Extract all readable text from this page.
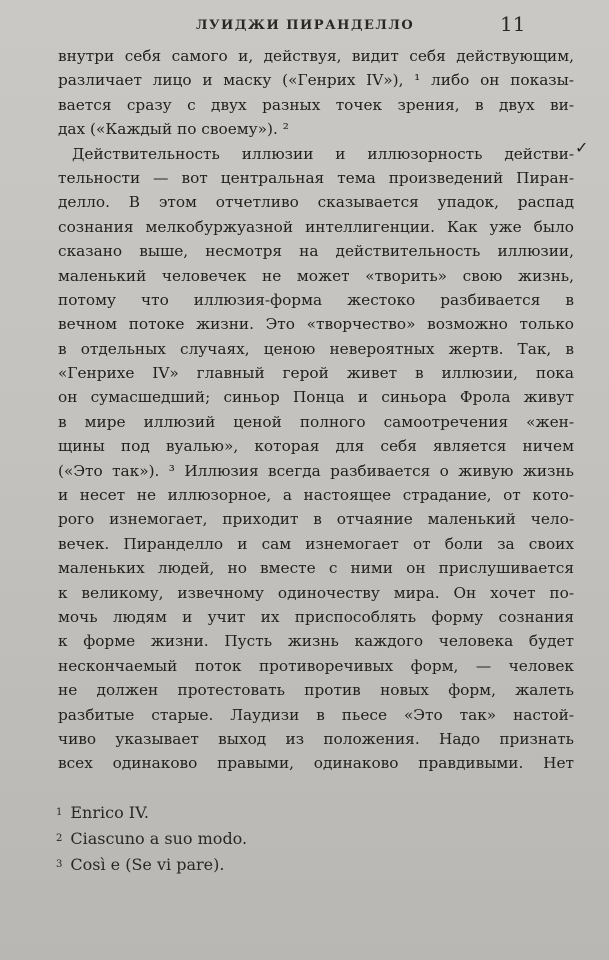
ЛУИДЖИ ПИРАНДЕЛЛО	11
✓
внутри себя самого и, действуя, видит себя действующим,
различает лицо и маску («Генрих IV»), ¹ либо он показы-
вается сразу с двух разных точек зрения, в двух ви-
дах («Каждый по своему»). ²
Действительность иллюзии и иллюзорность действи-
тельности — вот центральная тема произведений Пиран-
делло. В этом отчетливо сказывается упадок, распад
сознания мелкобуржуазной интеллигенции. Как уже было
сказано выше, несмотря на действительность иллюзии,
маленький человечек не может «творить» свою жизнь,
потому что иллюзия-форма жестоко разбивается в
вечном потоке жизни. Это «творчество» возможно только
в отдельных случаях, ценою невероятных жертв. Так, в
«Генрихе IV» главный герой живет в иллюзии, пока
он сумасшедший; синьор Понца и синьора Фрола живут
в мире иллюзий ценой полного самоотречения «жен-
щины под вуалью», которая для себя является ничем
(«Это так»). ³ Иллюзия всегда разбивается о живую жизнь
и несет не иллюзорное, а настоящее страдание, от кото-
рого изнемогает, приходит в отчаяние маленький чело-
вечек. Пиранделло и сам изнемогает от боли за своих
маленьких людей, но вместе с ними он прислушивается
к великому, извечному одиночеству мира. Он хочет по-
мочь людям и учит их приспособлять форму сознания
к форме жизни. Пусть жизнь каждого человека будет
нескончаемый поток противоречивых форм, — человек
не должен протестовать против новых форм, жалеть
разбитые старые. Лаудизи в пьесе «Это так» настой-
чиво указывает выход из положения. Надо признать
всех одинаково правыми, одинаково правдивыми. Нет
$^1$ Enrico IV.
$^2$ Ciascuno a suo modo.
$^3$ Così e (Se vi pare).
